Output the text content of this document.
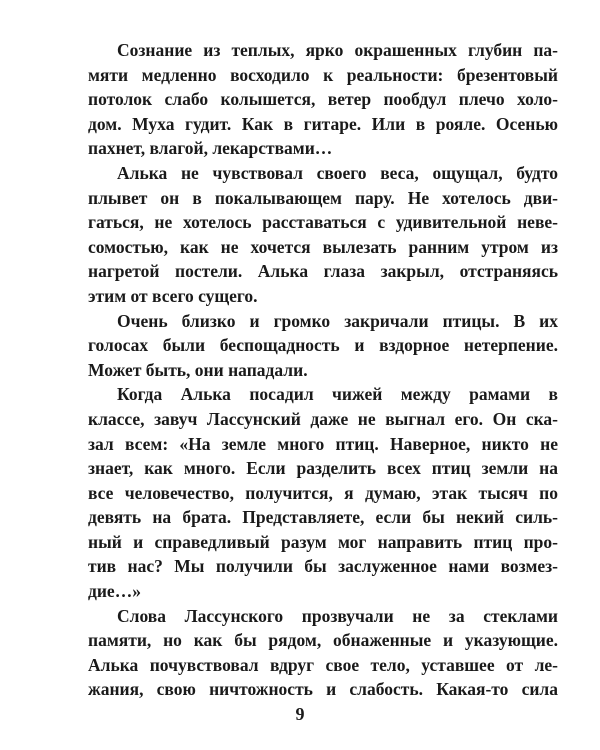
Сознание из теплых, ярко окрашенных глубин па-
мяти медленно восходило к реальности: брезентовый
потолок слабо колышется, ветер пообдул плечо холо-
дом. Муха гудит. Как в гитаре. Или в рояле. Осенью
пахнет, влагой, лекарствами…
Алька не чувствовал своего веса, ощущал, будто
плывет он в покалывающем пару. Не хотелось дви-
гаться, не хотелось расставаться с удивительной неве-
сомостью, как не хочется вылезать ранним утром из
нагретой постели. Алька глаза закрыл, отстраняясь
этим от всего сущего.
Очень близко и громко закричали птицы. В их
голосах были беспощадность и вздорное нетерпение.
Может быть, они нападали.
Когда Алька посадил чижей между рамами в
классе, завуч Лассунский даже не выгнал его. Он ска-
зал всем: «На земле много птиц. Наверное, никто не
знает, как много. Если разделить всех птиц земли на
все человечество, получится, я думаю, этак тысяч по
девять на брата. Представляете, если бы некий силь-
ный и справедливый разум мог направить птиц про-
тив нас? Мы получили бы заслуженное нами возмез-
дие…»
Слова Лассунского прозвучали не за стеклами
памяти, но как бы рядом, обнаженные и указующие.
Алька почувствовал вдруг свое тело, уставшее от ле-
жания, свою ничтожность и слабость. Какая-то сила
9
